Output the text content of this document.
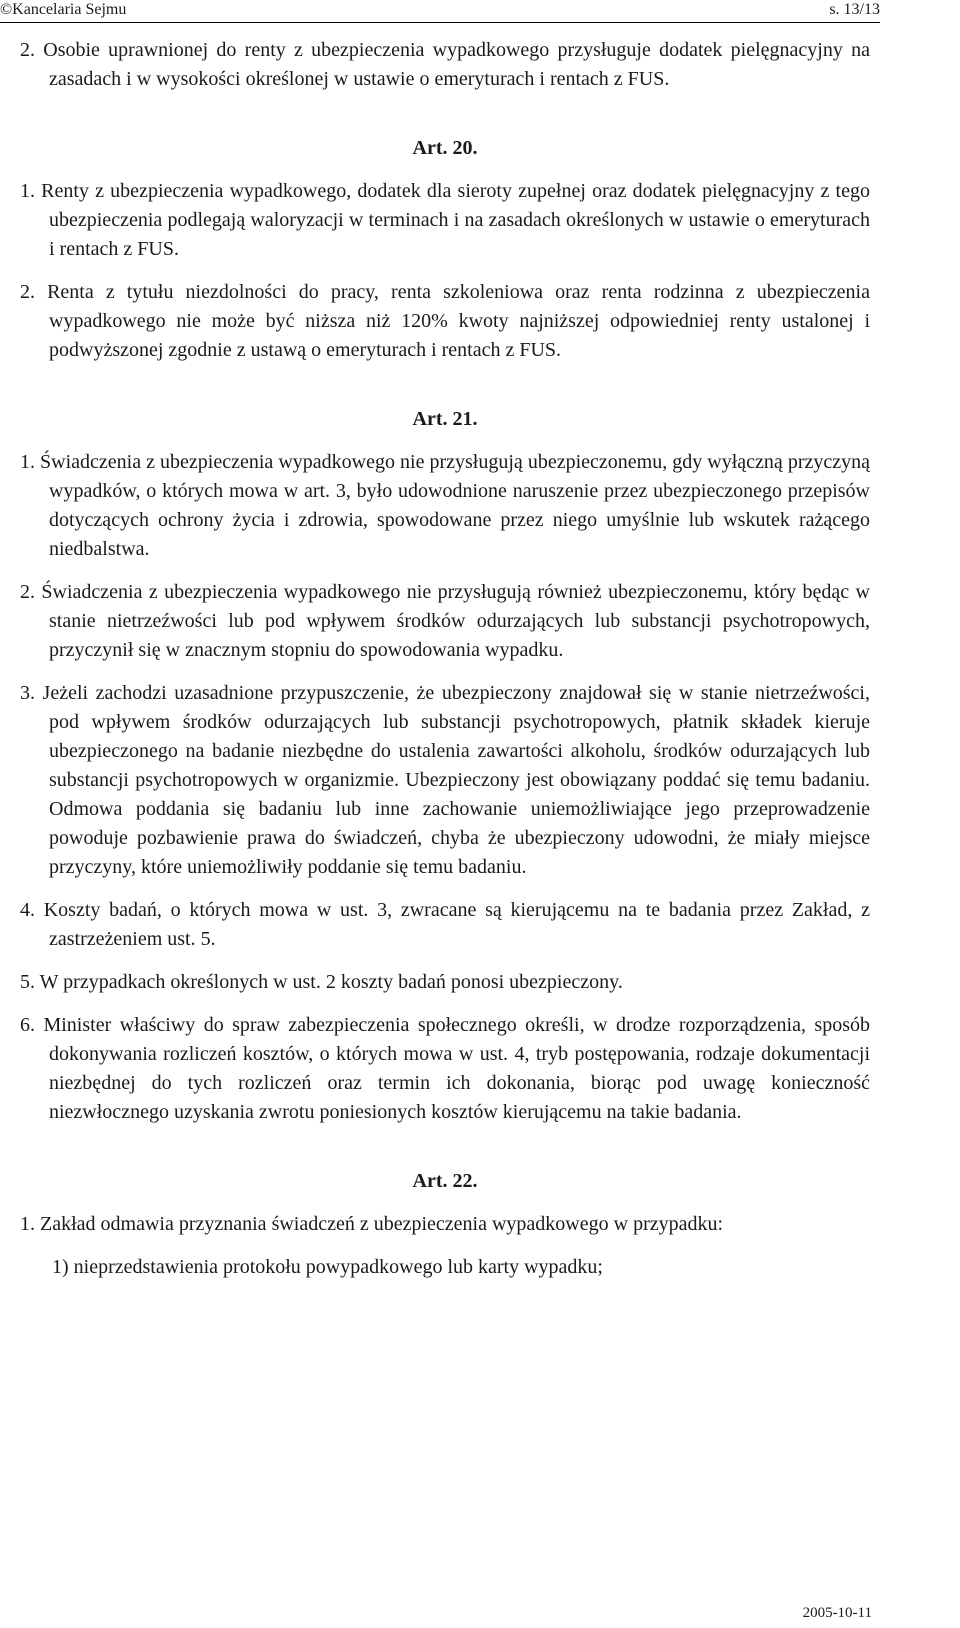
©Kancelaria Sejmu	s. 13/13

2. Osobie uprawnionej do renty z ubezpieczenia wypadkowego przysługuje dodatek pielęgnacyjny na zasadach i w wysokości określonej w ustawie o emeryturach i rentach z FUS.

Art. 20.

1. Renty z ubezpieczenia wypadkowego, dodatek dla sieroty zupełnej oraz dodatek pielęgnacyjny z tego ubezpieczenia podlegają waloryzacji w terminach i na zasadach określonych w ustawie o emeryturach i rentach z FUS.

2. Renta z tytułu niezdolności do pracy, renta szkoleniowa oraz renta rodzinna z ubezpieczenia wypadkowego nie może być niższa niż 120% kwoty najniższej odpowiedniej renty ustalonej i podwyższonej zgodnie z ustawą o emeryturach i rentach z FUS.

Art. 21.

1. Świadczenia z ubezpieczenia wypadkowego nie przysługują ubezpieczonemu, gdy wyłączną przyczyną wypadków, o których mowa w art. 3, było udowodnione naruszenie przez ubezpieczonego przepisów dotyczących ochrony życia i zdrowia, spowodowane przez niego umyślnie lub wskutek rażącego niedbalstwa.

2. Świadczenia z ubezpieczenia wypadkowego nie przysługują również ubezpieczonemu, który będąc w stanie nietrzeźwości lub pod wpływem środków odurzających lub substancji psychotropowych, przyczynił się w znacznym stopniu do spowodowania wypadku.

3. Jeżeli zachodzi uzasadnione przypuszczenie, że ubezpieczony znajdował się w stanie nietrzeźwości, pod wpływem środków odurzających lub substancji psychotropowych, płatnik składek kieruje ubezpieczonego na badanie niezbędne do ustalenia zawartości alkoholu, środków odurzających lub substancji psychotropowych w organizmie. Ubezpieczony jest obowiązany poddać się temu badaniu. Odmowa poddania się badaniu lub inne zachowanie uniemożliwiające jego przeprowadzenie powoduje pozbawienie prawa do świadczeń, chyba że ubezpieczony udowodni, że miały miejsce przyczyny, które uniemożliwiły poddanie się temu badaniu.

4. Koszty badań, o których mowa w ust. 3, zwracane są kierującemu na te badania przez Zakład, z zastrzeżeniem ust. 5.

5. W przypadkach określonych w ust. 2 koszty badań ponosi ubezpieczony.

6. Minister właściwy do spraw zabezpieczenia społecznego określi, w drodze rozporządzenia, sposób dokonywania rozliczeń kosztów, o których mowa w ust. 4, tryb postępowania, rodzaje dokumentacji niezbędnej do tych rozliczeń oraz termin ich dokonania, biorąc pod uwagę konieczność niezwłocznego uzyskania zwrotu poniesionych kosztów kierującemu na takie badania.

Art. 22.

1. Zakład odmawia przyznania świadczeń z ubezpieczenia wypadkowego w przypadku:

1) nieprzedstawienia protokołu powypadkowego lub karty wypadku;

2005-10-11
